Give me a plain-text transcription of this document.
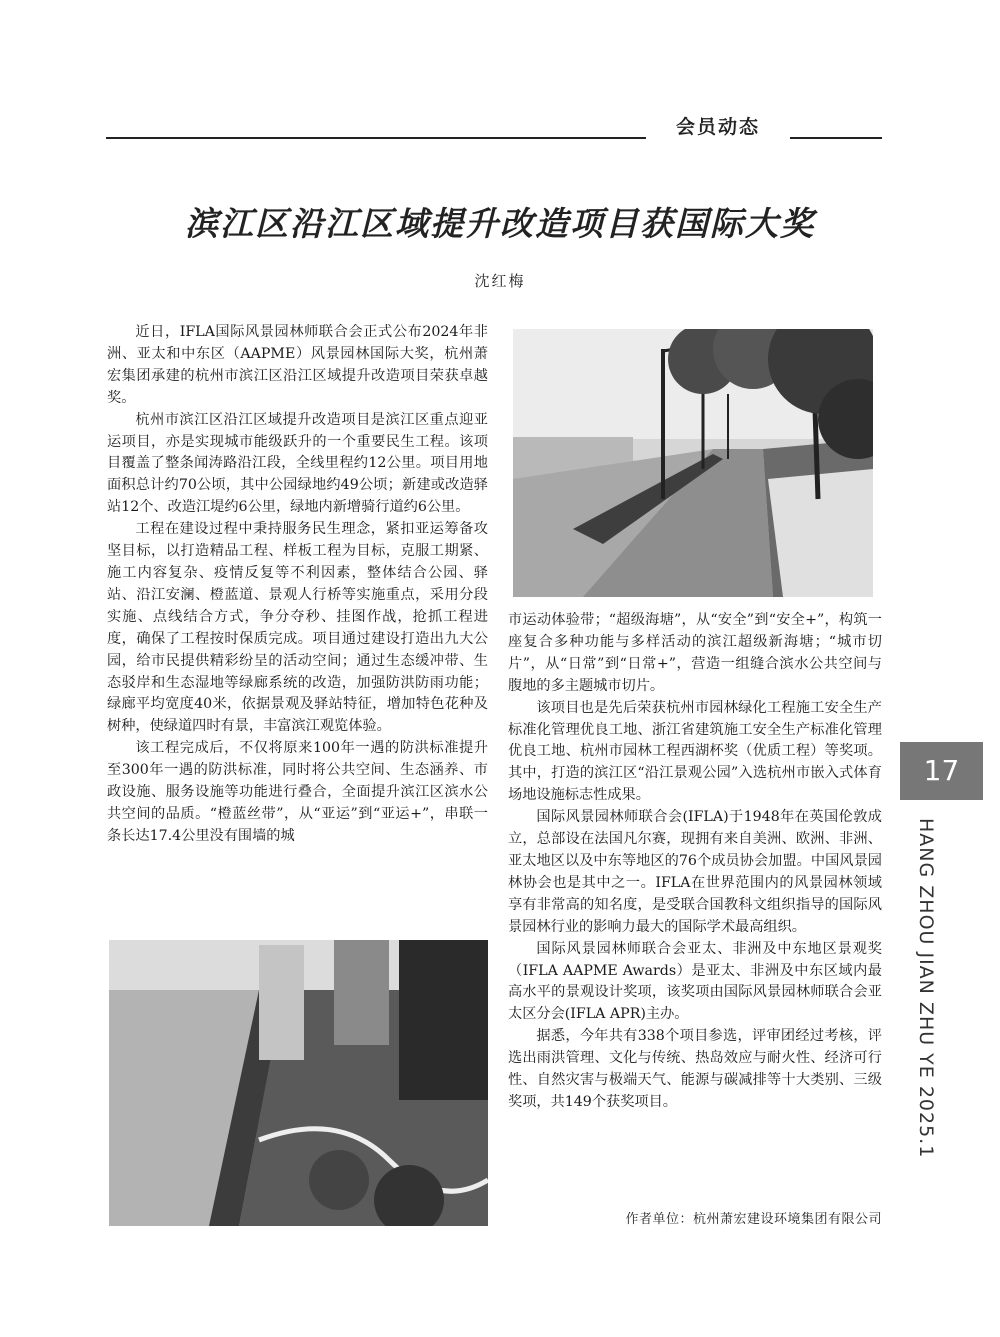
会员动态
滨江区沿江区域提升改造项目获国际大奖
沈红梅

近日，IFLA国际风景园林师联合会正式公布2024年非洲、亚太和中东区（AAPME）风景园林国际大奖，杭州萧宏集团承建的杭州市滨江区沿江区域提升改造项目荣获卓越奖。

杭州市滨江区沿江区域提升改造项目是滨江区重点迎亚运项目，亦是实现城市能级跃升的一个重要民生工程。该项目覆盖了整条闻涛路沿江段，全线里程约12公里。项目用地面积总计约70公顷，其中公园绿地约49公顷；新建或改造驿站12个、改造江堤约6公里，绿地内新增骑行道约6公里。

工程在建设过程中秉持服务民生理念，紧扣亚运筹备攻坚目标，以打造精品工程、样板工程为目标，克服工期紧、施工内容复杂、疫情反复等不利因素，整体结合公园、驿站、沿江安澜、橙蓝道、景观人行桥等实施重点，采用分段实施、点线结合方式，争分夺秒、挂图作战，抢抓工程进度，确保了工程按时保质完成。项目通过建设打造出九大公园，给市民提供精彩纷呈的活动空间；通过生态缓冲带、生态驳岸和生态湿地等绿廊系统的改造，加强防洪防雨功能；绿廊平均宽度40米，依据景观及驿站特征，增加特色花种及树种，使绿道四时有景，丰富滨江观览体验。

该工程完成后，不仅将原来100年一遇的防洪标准提升至300年一遇的防洪标准，同时将公共空间、生态涵养、市政设施、服务设施等功能进行叠合，全面提升滨江区滨水公共空间的品质。“橙蓝丝带”，从“亚运”到“亚运+”，串联一条长达17.4公里没有围墙的城

市运动体验带；“超级海塘”，从“安全”到“安全+”，构筑一座复合多种功能与多样活动的滨江超级新海塘；“城市切片”，从“日常”到“日常+”，营造一组缝合滨水公共空间与腹地的多主题城市切片。

该项目也是先后荣获杭州市园林绿化工程施工安全生产标准化管理优良工地、浙江省建筑施工安全生产标准化管理优良工地、杭州市园林工程西湖杯奖（优质工程）等奖项。其中，打造的滨江区“沿江景观公园”入选杭州市嵌入式体育场地设施标志性成果。

国际风景园林师联合会(IFLA)于1948年在英国伦敦成立，总部设在法国凡尔赛，现拥有来自美洲、欧洲、非洲、亚太地区以及中东等地区的76个成员协会加盟。中国风景园林协会也是其中之一。IFLA在世界范围内的风景园林领域享有非常高的知名度，是受联合国教科文组织指导的国际风景园林行业的影响力最大的国际学术最高组织。

国际风景园林师联合会亚太、非洲及中东地区景观奖（IFLA AAPME Awards）是亚太、非洲及中东区域内最高水平的景观设计奖项，该奖项由国际风景园林师联合会亚太区分会(IFLA APR)主办。

据悉，今年共有338个项目参选，评审团经过考核，评选出雨洪管理、文化与传统、热岛效应与耐火性、经济可行性、自然灾害与极端天气、能源与碳减排等十大类别、三级奖项，共149个获奖项目。

作者单位：杭州萧宏建设环境集团有限公司
17
HANG ZHOU JIAN ZHU YE 2025.1
